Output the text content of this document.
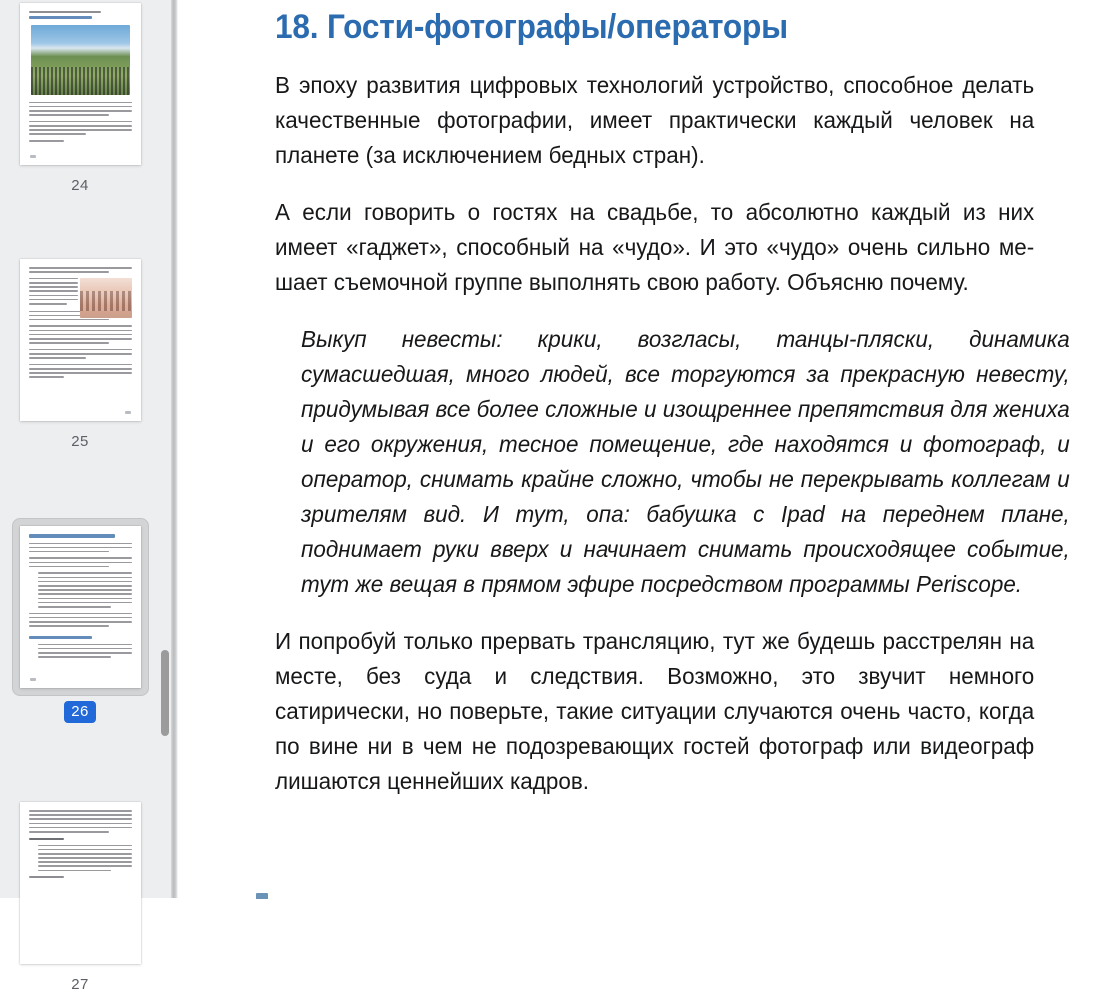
24
25
26
27
18. Гости-фотографы/операторы

В эпоху развития цифровых технологий устройство, способное делать качественные фотографии, имеет практически каждый человек на планете (за исключением бедных стран).

А если говорить о гостях на свадьбе, то абсолютно каждый из них имеет «гаджет», способный на «чудо». И это «чудо» очень сильно мешает съемочной группе выполнять свою работу. Объясню почему.

Выкуп невесты: крики, возгласы, танцы-пляски, динамика сумасшедшая, много людей, все торгуются за прекрасную невесту, придумывая все более сложные и изощреннее препятствия для жениха и его окружения, тесное помещение, где находятся и фотограф, и оператор, снимать крайне сложно, чтобы не перекрывать коллегам и зрителям вид. И тут, опа: бабушка с Ipad на переднем плане, поднимает руки вверх и начинает снимать происходящее событие, тут же вещая в прямом эфире посредством программы Periscope.

И попробуй только прервать трансляцию, тут же будешь расстрелян на месте, без суда и следствия. Возможно, это звучит немного сатирически, но поверьте, такие ситуации случаются очень часто, когда по вине ни в чем не подозревающих гостей фотограф или видеограф лишаются ценнейших кадров.
